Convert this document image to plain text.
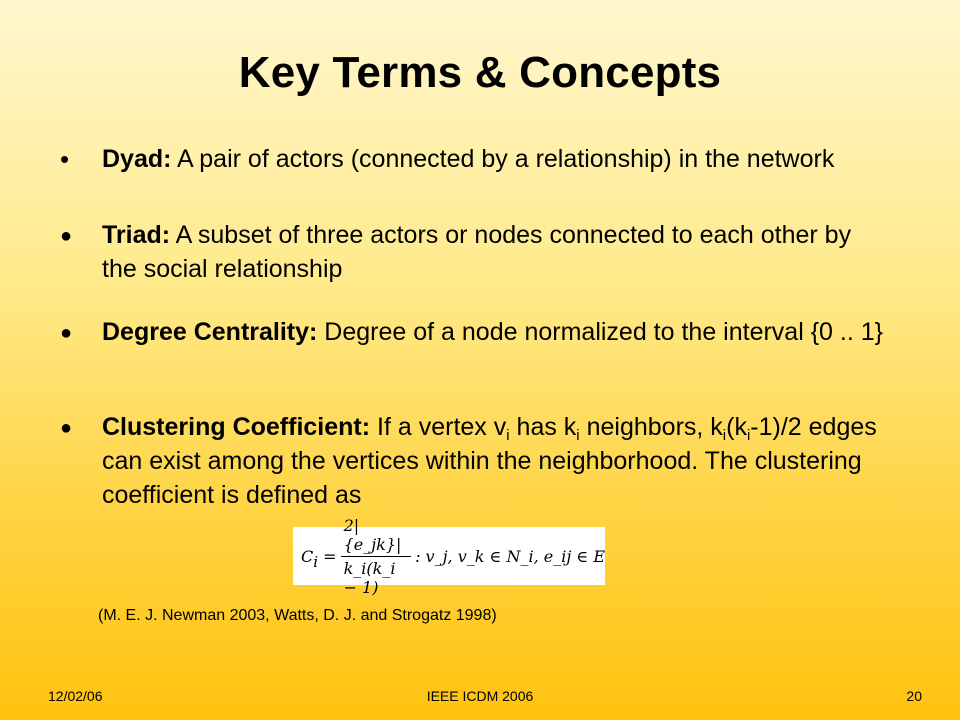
Key Terms & Concepts
•	Dyad: A pair of actors (connected by a relationship) in the network
●	Triad: A subset of three actors or nodes connected to each other by the social relationship
●	Degree Centrality: Degree of a node normalized to the interval {0 .. 1}
●	Clustering Coefficient: If a vertex $v_i$ has $k_i$ neighbors, $k_i(k_i-1)/2$ edges can exist among the vertices within the neighborhood. The clustering coefficient is defined as
$C_i = \frac{2|\{e\_jk\}|}{k\_i(k\_i - 1)}$ : v_j, v_k ∈ N_i, e_ij ∈ E
(M. E. J. Newman 2003, Watts, D. J. and Strogatz 1998)
12/02/06	IEEE ICDM 2006	20
